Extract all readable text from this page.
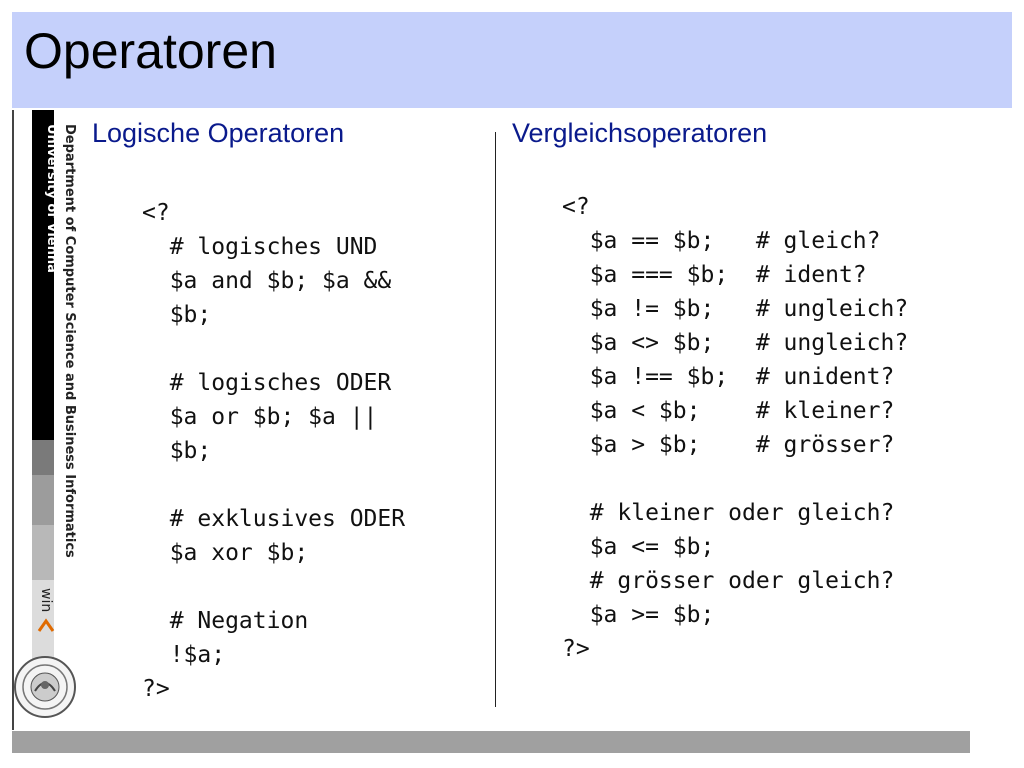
Operatoren
Department of Computer Science and Business Informatics
University of Vienna
win
Logische Operatoren
<?
# logisches UND
$a and $b; $a &&
$b;

# logisches ODER
$a or $b; $a ||
$b;

# exklusives ODER
$a xor $b;

# Negation
!$a;
?>
Vergleichsoperatoren
<?
$a == $b;   # gleich?
$a === $b;  # ident?
$a != $b;   # ungleich?
$a <> $b;   # ungleich?
$a !== $b;  # unident?
$a < $b;    # kleiner?
$a > $b;    # grösser?

# kleiner oder gleich?
$a <= $b;
# grösser oder gleich?
$a >= $b;
?>
